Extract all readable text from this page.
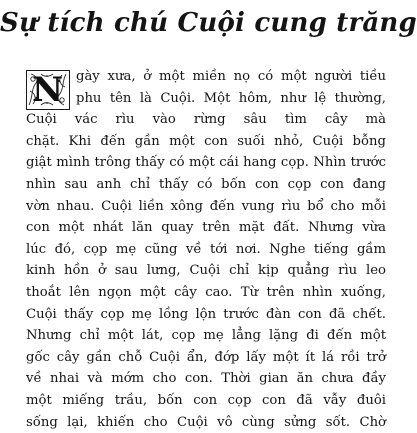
Sự tích chú Cuội cung trăng
N gày xưa, ở một miền nọ có một người tiều
phu tên là Cuội. Một hôm, như lệ thường,
Cuội vác rìu vào rừng sâu tìm cây mà
chặt. Khi đến gần một con suối nhỏ, Cuội bỗng
giật mình trông thấy có một cái hang cọp. Nhìn trước
nhìn sau anh chỉ thấy có bốn con cọp con đang
vờn nhau. Cuội liền xông đến vung rìu bổ cho mỗi
con một nhát lăn quay trên mặt đất. Nhưng vừa
lúc đó, cọp mẹ cũng về tới nơi. Nghe tiếng gầm
kinh hồn ở sau lưng, Cuội chỉ kịp quẳng rìu leo
thoắt lên ngọn một cây cao. Từ trên nhìn xuống,
Cuội thấy cọp mẹ lồng lộn trước đàn con đã chết.
Nhưng chỉ một lát, cọp mẹ lẳng lặng đi đến một
gốc cây gần chỗ Cuội ẩn, đớp lấy một ít lá rồi trở
về nhai và mớm cho con. Thời gian ăn chưa đầy
một miếng trầu, bốn con cọp con đã vẫy đuôi
sống lại, khiến cho Cuội vô cùng sửng sốt. Chờ
